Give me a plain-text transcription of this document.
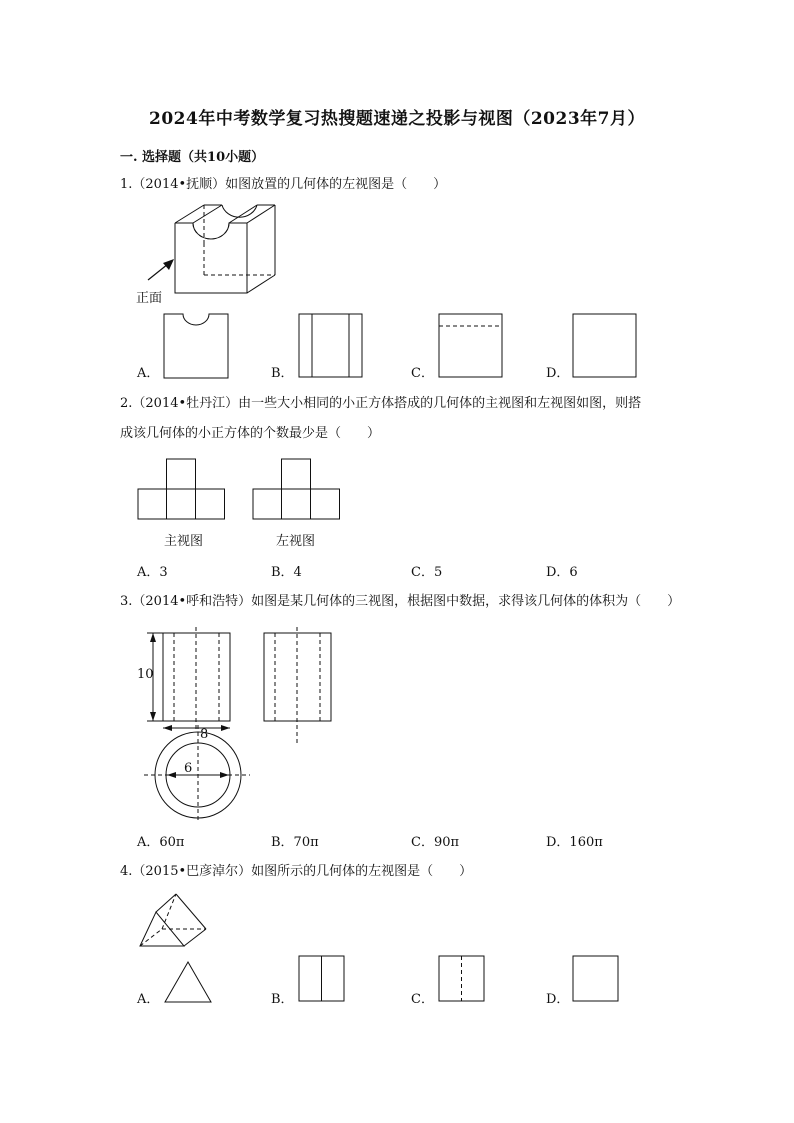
2024年中考数学复习热搜题速递之投影与视图（2023年7月）
一. 选择题（共10小题）
1.（2014•抚顺）如图放置的几何体的左视图是（　　）
正面
A．	B．	C．	D．
2.（2014•牡丹江）由一些大小相同的小正方体搭成的几何体的主视图和左视图如图，则搭
成该几何体的小正方体的个数最少是（　　）
主视图	左视图
A．3	B．4	C．5	D．6
3.（2014•呼和浩特）如图是某几何体的三视图，根据图中数据，求得该几何体的体积为（　　）
10
8
6
A．60π	B．70π	C．90π	D．160π
4.（2015•巴彦淖尔）如图所示的几何体的左视图是（　　）
A．	B．	C．	D．
